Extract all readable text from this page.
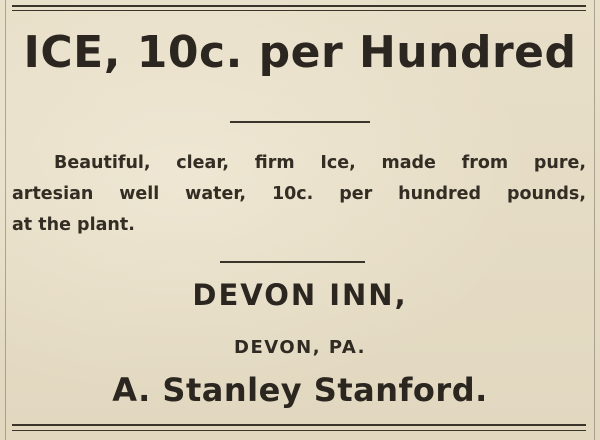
ICE, 10c. per Hundred
Beautiful, clear, firm Ice, made from pure,
artesian well water, 10c. per hundred pounds,
at the plant.
DEVON INN,
DEVON, PA.
A. Stanley Stanford.
